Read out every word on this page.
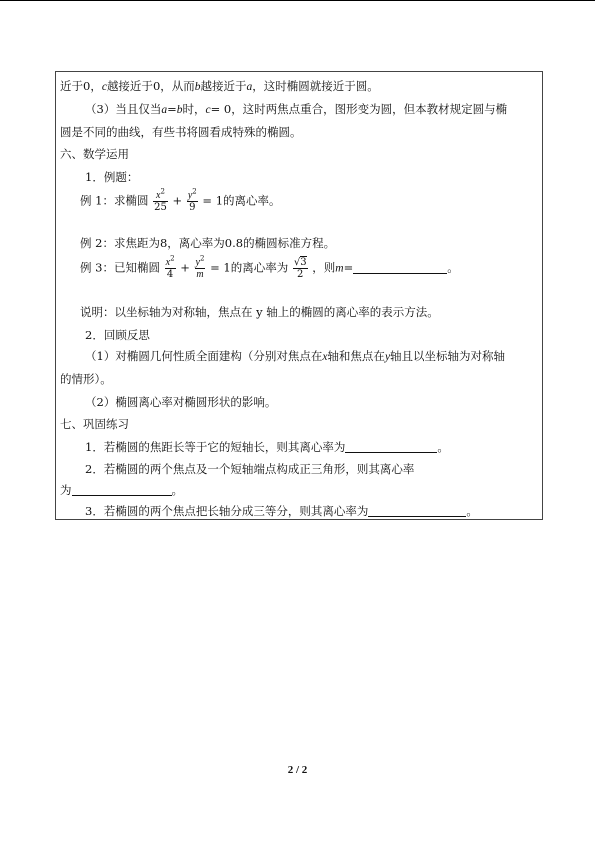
近于0，c越接近于0，从而b越接近于a，这时椭圆就接近于圆。
（3）当且仅当a=b时，c= 0，这时两焦点重合，图形变为圆，但本教材规定圆与椭
圆是不同的曲线，有些书将圆看成特殊的椭圆。
六、数学运用
1．例题：
例 1：求椭圆 $\frac{x^2}{25} + \frac{y^2}{9} = 1$的离心率。
例 2：求焦距为8，离心率为0.8的椭圆标准方程。
例 3：已知椭圆 $\frac{x^2}{4} + \frac{y^2}{m} = 1$的离心率为 $\frac{√3}{2}$ ，则m=	。
说明：以坐标轴为对称轴，焦点在 y 轴上的椭圆的离心率的表示方法。
2．回顾反思
（1）对椭圆几何性质全面建构（分别对焦点在x轴和焦点在y轴且以坐标轴为对称轴
的情形）。
（2）椭圆离心率对椭圆形状的影响。
七、巩固练习
1．若椭圆的焦距长等于它的短轴长，则其离心率为	。
2．若椭圆的两个焦点及一个短轴端点构成正三角形，则其离心率
为	。
3．若椭圆的两个焦点把长轴分成三等分，则其离心率为	。
2 / 2
